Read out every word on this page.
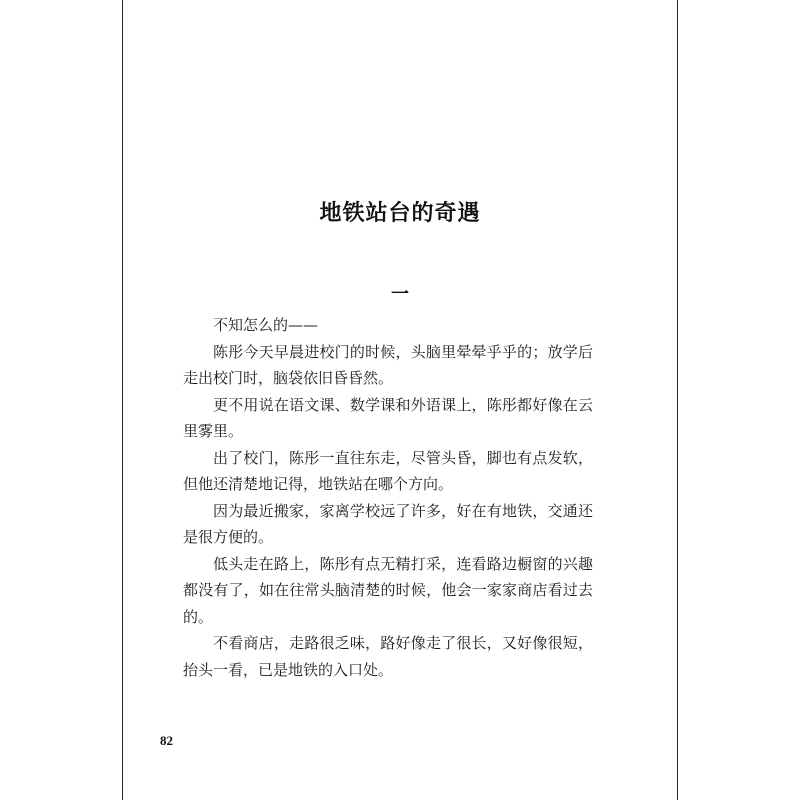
地铁站台的奇遇
一

不知怎么的——

陈彤今天早晨进校门的时候，头脑里晕晕乎乎的；放学后走出校门时，脑袋依旧昏昏然。

更不用说在语文课、数学课和外语课上，陈彤都好像在云里雾里。

出了校门，陈彤一直往东走，尽管头昏，脚也有点发软，但他还清楚地记得，地铁站在哪个方向。

因为最近搬家，家离学校远了许多，好在有地铁，交通还是很方便的。

低头走在路上，陈彤有点无精打采，连看路边橱窗的兴趣都没有了，如在往常头脑清楚的时候，他会一家家商店看过去的。

不看商店，走路很乏味，路好像走了很长，又好像很短，抬头一看，已是地铁的入口处。

82
